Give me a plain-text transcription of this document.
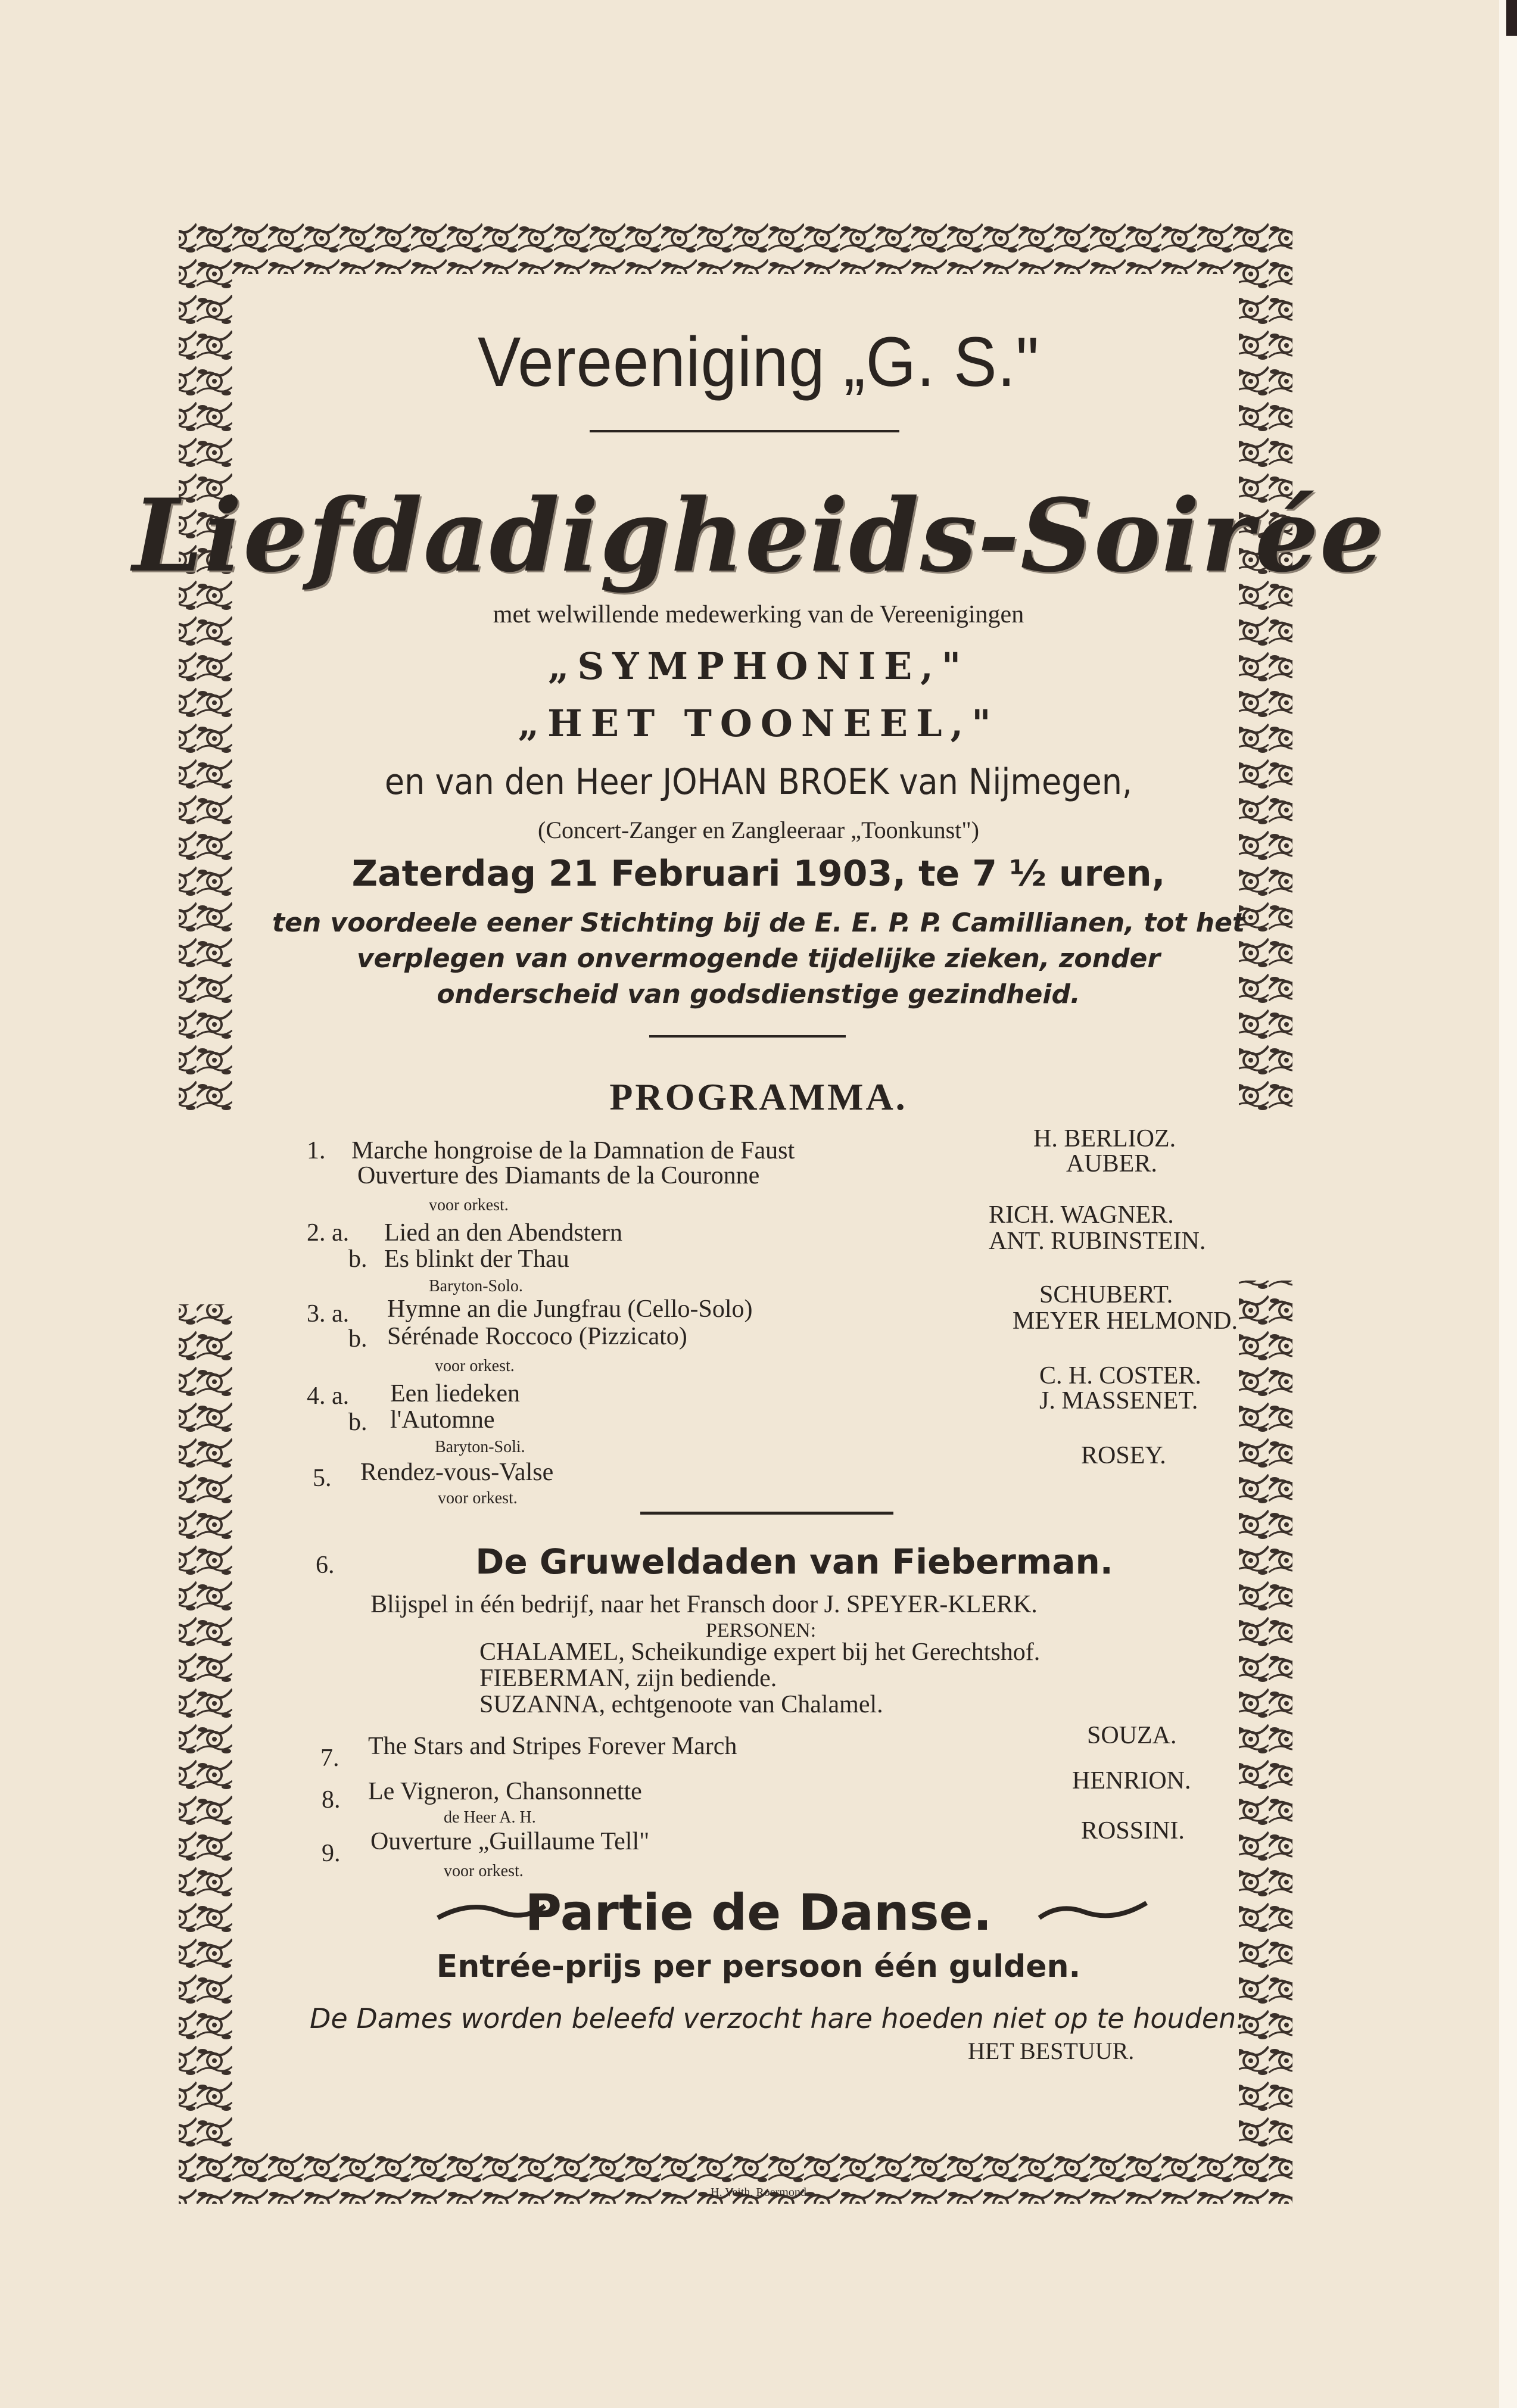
Vereeniging „G. S."
Liefdadigheids-Soirée
met welwillende medewerking van de Vereenigingen
„SYMPHONIE,"
„HET TOONEEL,"
en van den Heer JOHAN BROEK van Nijmegen,
(Concert-Zanger en Zangleeraar „Toonkunst")
Zaterdag 21 Februari 1903, te 7 ½ uren,
ten voordeele eener Stichting bij de E. E. P. P. Camillianen, tot het
verplegen van onvermogende tijdelijke zieken, zonder
onderscheid van godsdienstige gezindheid.
PROGRAMMA.
1. Marche hongroise de la Damnation de Faust
Ouverture des Diamants de la Couronne
voor orkest.
H. BERLIOZ.
AUBER.
2. a. Lied an den Abendstern
b. Es blinkt der Thau
Baryton-Solo.
RICH. WAGNER.
ANT. RUBINSTEIN.
3. a. Hymne an die Jungfrau (Cello-Solo)
b. Sérénade Roccoco (Pizzicato)
voor orkest.
SCHUBERT.
MEYER HELMOND.
4. a. Een liedeken
b. l'Automne
Baryton-Soli.
C. H. COSTER.
J. MASSENET.
5. Rendez-vous-Valse
voor orkest.
ROSEY.
6.	De Gruweldaden van Fieberman.
Blijspel in één bedrijf, naar het Fransch door J. SPEYER-KLERK.
PERSONEN:
CHALAMEL, Scheikundige expert bij het Gerechtshof.
FIEBERMAN, zijn bediende.
SUZANNA, echtgenoote van Chalamel.
7. The Stars and Stripes Forever March	SOUZA.
8. Le Vigneron, Chansonnette
de Heer A. H.
HENRION.
9. Ouverture „Guillaume Tell"
voor orkest.
ROSSINI.
Partie de Danse.
Entrée-prijs per persoon één gulden.
De Dames worden beleefd verzocht hare hoeden niet op te houden.
HET BESTUUR.
H. Veith, Roermond
